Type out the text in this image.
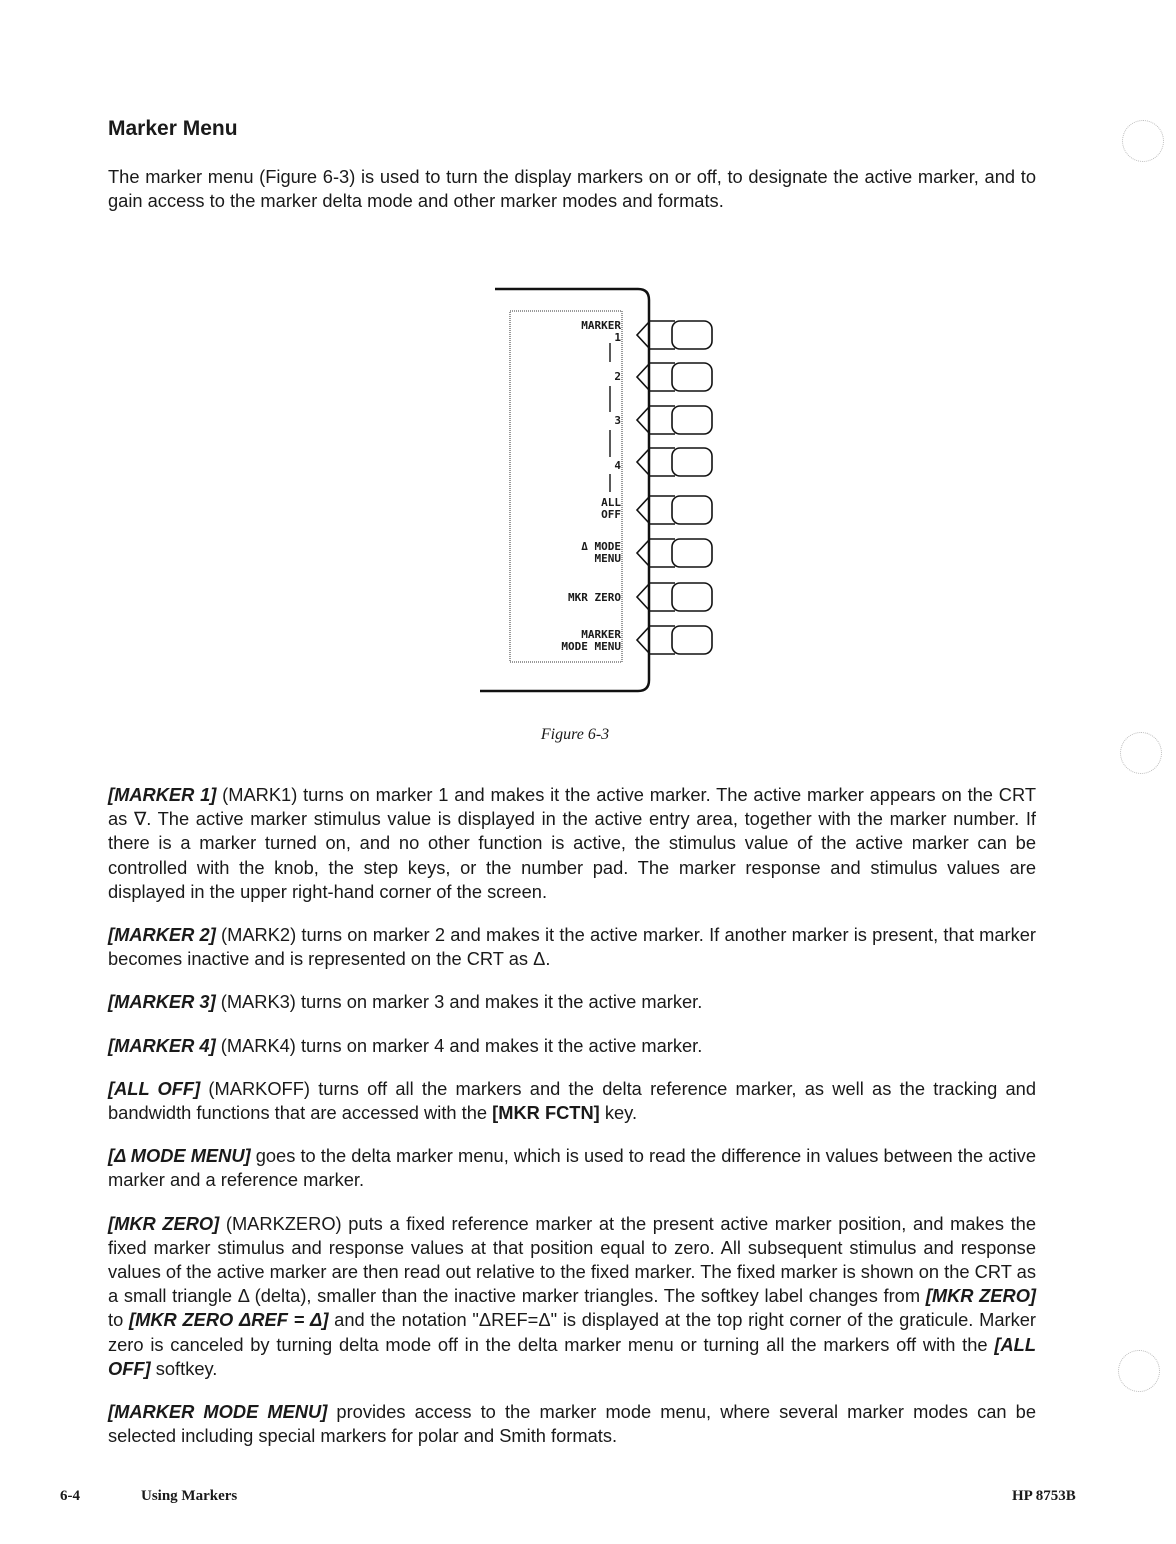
Marker Menu

The marker menu (Figure 6-3) is used to turn the display markers on or off, to designate the active marker, and to gain access to the marker delta mode and other marker modes and formats.

MARKER
1
2
3
4
ALL
OFF
Δ MODE
MENU
MKR ZERO
MARKER
MODE MENU
Figure 6-3

[MARKER 1] (MARK1) turns on marker 1 and makes it the active marker. The active marker appears on the CRT as ∇. The active marker stimulus value is displayed in the active entry area, together with the marker number. If there is a marker turned on, and no other function is active, the stimulus value of the active marker can be controlled with the knob, the step keys, or the number pad. The marker response and stimulus values are displayed in the upper right-hand corner of the screen.

[MARKER 2] (MARK2) turns on marker 2 and makes it the active marker. If another marker is present, that marker becomes inactive and is represented on the CRT as Δ.

[MARKER 3] (MARK3) turns on marker 3 and makes it the active marker.

[MARKER 4] (MARK4) turns on marker 4 and makes it the active marker.

[ALL OFF] (MARKOFF) turns off all the markers and the delta reference marker, as well as the tracking and bandwidth functions that are accessed with the [MKR FCTN] key.

[Δ MODE MENU] goes to the delta marker menu, which is used to read the difference in values between the active marker and a reference marker.

[MKR ZERO] (MARKZERO) puts a fixed reference marker at the present active marker position, and makes the fixed marker stimulus and response values at that position equal to zero. All subsequent stimulus and response values of the active marker are then read out relative to the fixed marker. The fixed marker is shown on the CRT as a small triangle Δ (delta), smaller than the inactive marker triangles. The softkey label changes from [MKR ZERO] to [MKR ZERO ΔREF = Δ] and the notation "ΔREF=Δ" is displayed at the top right corner of the graticule. Marker zero is canceled by turning delta mode off in the delta marker menu or turning all the markers off with the [ALL OFF] softkey.

[MARKER MODE MENU] provides access to the marker mode menu, where several marker modes can be selected including special markers for polar and Smith formats.

6-4	Using Markers	HP 8753B
